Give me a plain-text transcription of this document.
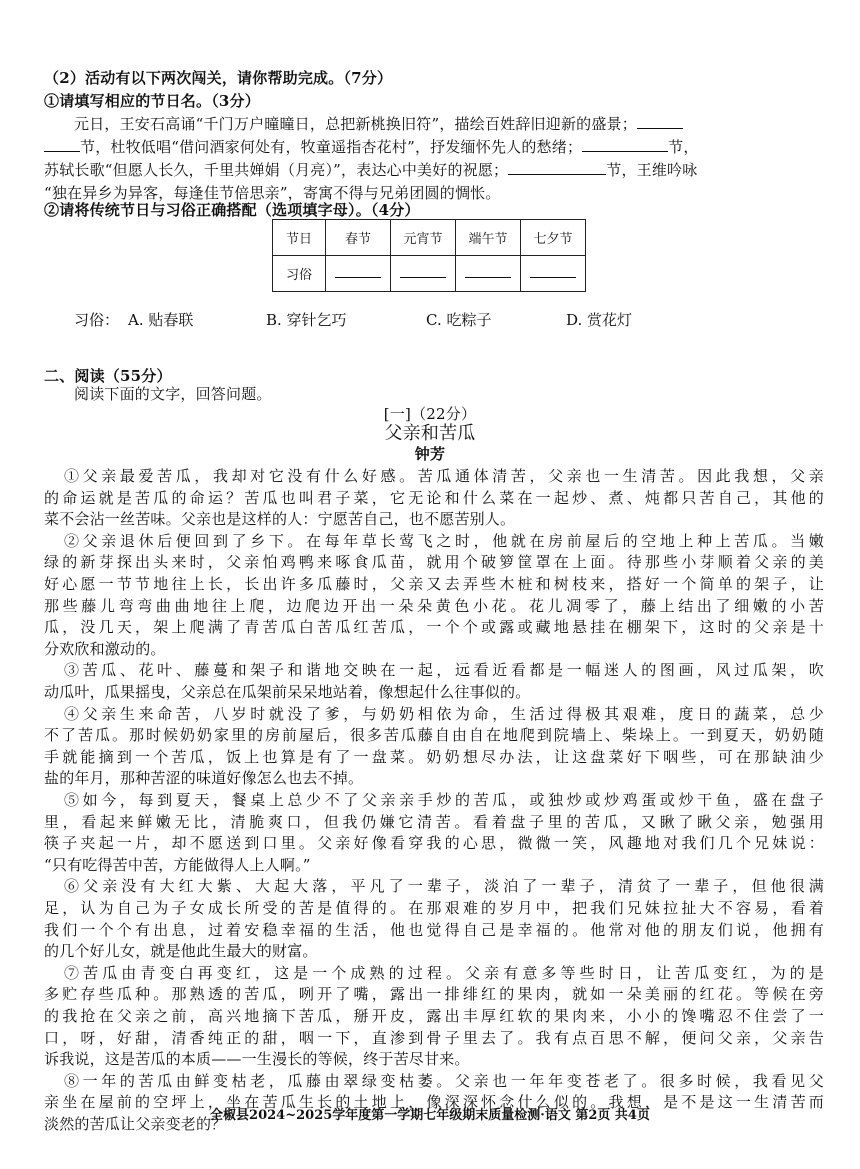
（2）活动有以下两次闯关，请你帮助完成。（7分）
①请填写相应的节日名。（3分）
元日，王安石高诵“千门万户曈曈日，总把新桃换旧符”，描绘百姓辞旧迎新的盛景；
节，杜牧低唱“借问酒家何处有，牧童遥指杏花村”，抒发缅怀先人的愁绪；	节，
苏轼长歌“但愿人长久，千里共婵娟（月亮）”，表达心中美好的祝愿；	节，王维吟咏
“独在异乡为异客，每逢佳节倍思亲”，寄寓不得与兄弟团圆的惆怅。
②请将传统节日与习俗正确搭配（选项填字母）。（4分）
节日	春节	元宵节	端午节	七夕节
习俗				
习俗： A. 贴春联	B. 穿针乞巧	C. 吃粽子	D. 赏花灯
二、阅读（55分）
阅读下面的文字，回答问题。
[一]（22分）
父亲和苦瓜
钟芳
①父亲最爱苦瓜，我却对它没有什么好感。苦瓜通体清苦，父亲也一生清苦。因此我想，父亲
的命运就是苦瓜的命运？苦瓜也叫君子菜，它无论和什么菜在一起炒、煮、炖都只苦自己，其他的
菜不会沾一丝苦味。父亲也是这样的人：宁愿苦自己，也不愿苦别人。
②父亲退休后便回到了乡下。在每年草长莺飞之时，他就在房前屋后的空地上种上苦瓜。当嫩
绿的新芽探出头来时，父亲怕鸡鸭来啄食瓜苗，就用个破箩筐罩在上面。待那些小芽顺着父亲的美
好心愿一节节地往上长，长出许多瓜藤时，父亲又去弄些木桩和树枝来，搭好一个简单的架子，让
那些藤儿弯弯曲曲地往上爬，边爬边开出一朵朵黄色小花。花儿凋零了，藤上结出了细嫩的小苦
瓜，没几天，架上爬满了青苦瓜白苦瓜红苦瓜，一个个或露或藏地悬挂在棚架下，这时的父亲是十
分欢欣和激动的。
③苦瓜、花叶、藤蔓和架子和谐地交映在一起，远看近看都是一幅迷人的图画，风过瓜架，吹
动瓜叶，瓜果摇曳，父亲总在瓜架前呆呆地站着，像想起什么往事似的。
④父亲生来命苦，八岁时就没了爹，与奶奶相依为命，生活过得极其艰难，度日的蔬菜，总少
不了苦瓜。那时候奶奶家里的房前屋后，很多苦瓜藤自由自在地爬到院墙上、柴垛上。一到夏天，奶奶随
手就能摘到一个苦瓜，饭上也算是有了一盘菜。奶奶想尽办法，让这盘菜好下咽些，可在那缺油少
盐的年月，那种苦涩的味道好像怎么也去不掉。
⑤如今，每到夏天，餐桌上总少不了父亲亲手炒的苦瓜，或独炒或炒鸡蛋或炒干鱼，盛在盘子
里，看起来鲜嫩无比，清脆爽口，但我仍嫌它清苦。看着盘子里的苦瓜，又瞅了瞅父亲，勉强用
筷子夹起一片，却不愿送到口里。父亲好像看穿我的心思，微微一笑，风趣地对我们几个兄妹说：
“只有吃得苦中苦，方能做得人上人啊。”
⑥父亲没有大红大紫、大起大落，平凡了一辈子，淡泊了一辈子，清贫了一辈子，但他很满
足，认为自己为子女成长所受的苦是值得的。在那艰难的岁月中，把我们兄妹拉扯大不容易，看着
我们一个个有出息，过着安稳幸福的生活，他也觉得自己是幸福的。他常对他的朋友们说，他拥有
的几个好儿女，就是他此生最大的财富。
⑦苦瓜由青变白再变红，这是一个成熟的过程。父亲有意多等些时日，让苦瓜变红，为的是
多贮存些瓜种。那熟透的苦瓜，咧开了嘴，露出一排绯红的果肉，就如一朵美丽的红花。等候在旁
的我抢在父亲之前，高兴地摘下苦瓜，掰开皮，露出丰厚红软的果肉来，小小的馋嘴忍不住尝了一
口，呀，好甜，清香纯正的甜，咽一下，直渗到骨子里去了。我有点百思不解，便问父亲，父亲告
诉我说，这是苦瓜的本质——一生漫长的等候，终于苦尽甘来。
⑧一年的苦瓜由鲜变枯老，瓜藤由翠绿变枯萎。父亲也一年年变苍老了。很多时候，我看见父
亲坐在屋前的空坪上，坐在苦瓜生长的土地上，像深深怀念什么似的。我想，是不是这一生清苦而
淡然的苦瓜让父亲变老的？
全椒县2024~2025学年度第一学期七年级期末质量检测·语文 第2页 共4页
